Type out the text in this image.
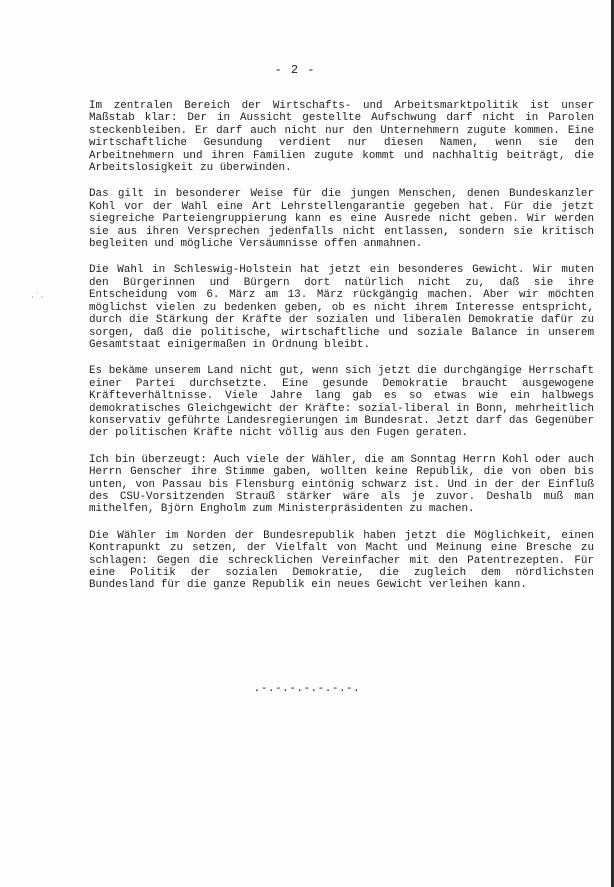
- 2 -
·˙·

Im zentralen Bereich der Wirtschafts- und Arbeitsmarktpolitik ist unser Maßstab klar: Der in Aussicht gestellte Aufschwung darf nicht in Parolen steckenbleiben. Er darf auch nicht nur den Unternehmern zugute kommen. Eine wirtschaftliche Gesundung verdient nur diesen Namen, wenn sie den Arbeitnehmern und ihren Familien zugute kommt und nachhaltig beiträgt, die Arbeitslosigkeit zu überwinden.

Das gilt in besonderer Weise für die jungen Menschen, denen Bundeskanzler Kohl vor der Wahl eine Art Lehrstellengarantie gegeben hat. Für die jetzt siegreiche Parteiengruppierung kann es eine Ausrede nicht geben. Wir werden sie aus ihren Versprechen jedenfalls nicht entlassen, sondern sie kritisch begleiten und mögliche Versäumnisse offen anmahnen.

Die Wahl in Schleswig-Holstein hat jetzt ein besonderes Gewicht. Wir muten den Bürgerinnen und Bürgern dort natürlich nicht zu, daß sie ihre Entscheidung vom 6. März am 13. März rückgängig machen. Aber wir möchten möglichst vielen zu bedenken geben, ob es nicht ihrem Interesse entspricht, durch die Stärkung der Kräfte der sozialen und liberalen Demokratie dafür zu sorgen, daß die politische, wirtschaftliche und soziale Balance in unserem Gesamtstaat einigermaßen in Ordnung bleibt.

Es bekäme unserem Land nicht gut, wenn sich jetzt die durchgängige Herrschaft einer Partei durchsetzte. Eine gesunde Demokratie braucht ausgewogene Kräfteverhältnisse. Viele Jahre lang gab es so etwas wie ein halbwegs demokratisches Gleichgewicht der Kräfte: sozial-liberal in Bonn, mehrheitlich konservativ geführte Landesregierungen im Bundesrat. Jetzt darf das Gegenüber der politischen Kräfte nicht völlig aus den Fugen geraten.

Ich bin überzeugt: Auch viele der Wähler, die am Sonntag Herrn Kohl oder auch Herrn Genscher ihre Stimme gaben, wollten keine Republik, die von oben bis unten, von Passau bis Flensburg eintönig schwarz ist. Und in der der Einfluß des CSU-Vorsitzenden Strauß stärker wäre als je zuvor. Deshalb muß man mithelfen, Björn Engholm zum Ministerpräsidenten zu machen.

Die Wähler im Norden der Bundesrepublik haben jetzt die Möglichkeit, einen Kontrapunkt zu setzen, der Vielfalt von Macht und Meinung eine Bresche zu schlagen: Gegen die schrecklichen Vereinfacher mit den Patentrezepten. Für eine Politik der sozialen Demokratie, die zugleich dem nördlichsten Bundesland für die ganze Republik ein neues Gewicht verleihen kann.

.-.-.-.-.-.-.-.
